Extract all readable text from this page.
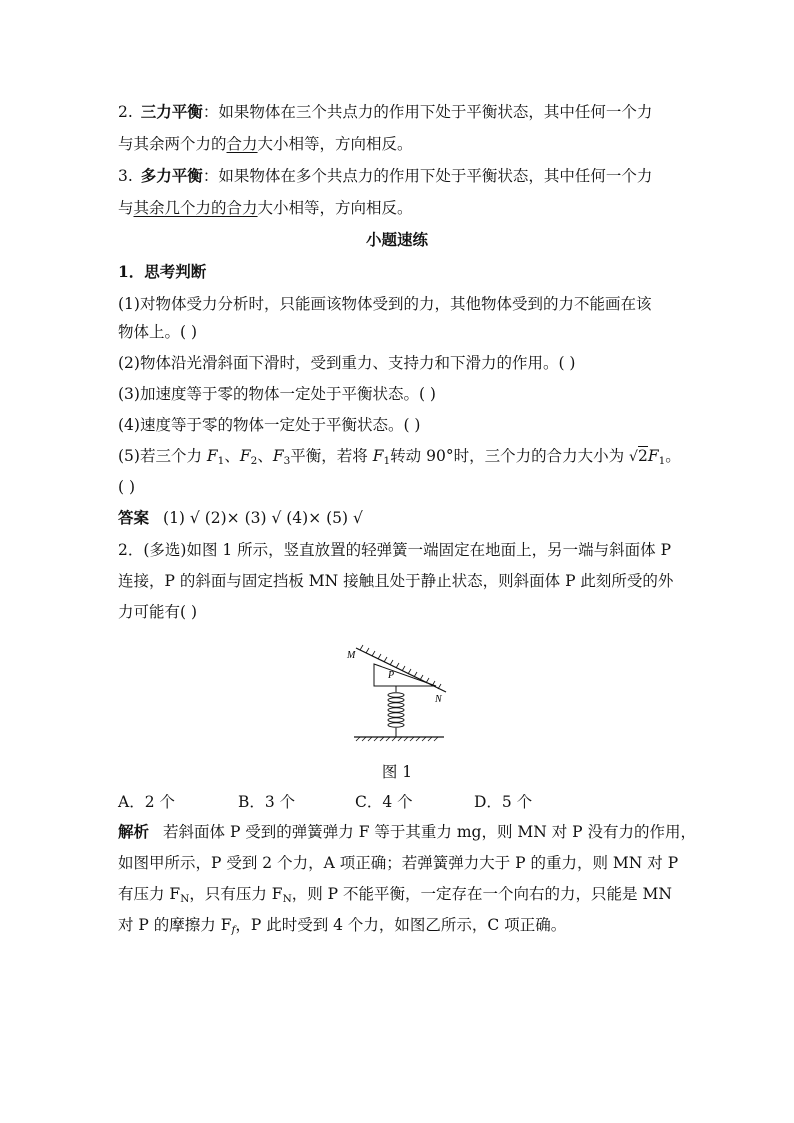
2. 三力平衡：如果物体在三个共点力的作用下处于平衡状态，其中任何一个力
与其余两个力的合力大小相等，方向相反。
3. 多力平衡：如果物体在多个共点力的作用下处于平衡状态，其中任何一个力
与其余几个力的合力大小相等，方向相反。
小题速练
1．思考判断
(1)对物体受力分析时，只能画该物体受到的力，其他物体受到的力不能画在该
物体上。( )
(2)物体沿光滑斜面下滑时，受到重力、支持力和下滑力的作用。( )
(3)加速度等于零的物体一定处于平衡状态。( )
(4)速度等于零的物体一定处于平衡状态。( )
(5)若三个力 $F_1$、$F_2$、$F_3$平衡，若将 $F_1$转动 90°时，三个力的合力大小为 $√2F_1$。
( )
答案 (1) √ (2)× (3) √ (4)× (5) √
2．(多选)如图 1 所示，竖直放置的轻弹簧一端固定在地面上，另一端与斜面体 P
连接，P 的斜面与固定挡板 MN 接触且处于静止状态，则斜面体 P 此刻所受的外
力可能有( )
M
N
P
图 1
A．2 个	B．3 个	C．4 个	D．5 个
解析 若斜面体 P 受到的弹簧弹力 F 等于其重力 mg，则 MN 对 P 没有力的作用，
如图甲所示，P 受到 2 个力，A 项正确；若弹簧弹力大于 P 的重力，则 MN 对 P
有压力 $F_N$，只有压力 $F_N$，则 P 不能平衡，一定存在一个向右的力，只能是 MN
对 P 的摩擦力 $F_f$，P 此时受到 4 个力，如图乙所示，C 项正确。
